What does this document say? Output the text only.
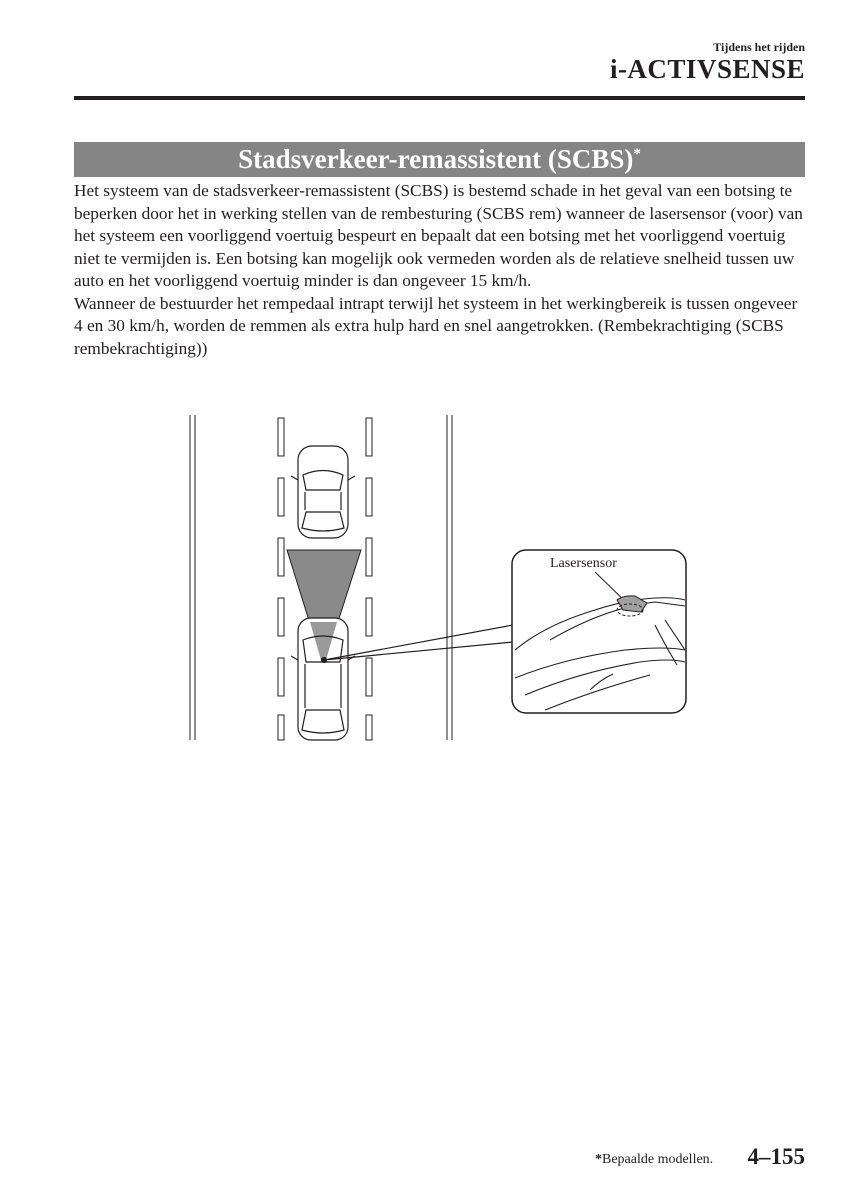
Tijdens het rijden
i-ACTIVSENSE
Stadsverkeer-remassistent (SCBS)*

Het systeem van de stadsverkeer-remassistent (SCBS) is bestemd schade in het geval van een botsing te beperken door het in werking stellen van de rembesturing (SCBS rem) wanneer de lasersensor (voor) van het systeem een voorliggend voertuig bespeurt en bepaalt dat een botsing met het voorliggend voertuig niet te vermijden is. Een botsing kan mogelijk ook vermeden worden als de relatieve snelheid tussen uw auto en het voorliggend voertuig minder is dan ongeveer 15 km/h.

Wanneer de bestuurder het rempedaal intrapt terwijl het systeem in het werkingbereik is tussen ongeveer 4 en 30 km/h, worden de remmen als extra hulp hard en snel aangetrokken. (Rembekrachtiging (SCBS rembekrachtiging))

Lasersensor
*Bepaalde modellen. 4–155
